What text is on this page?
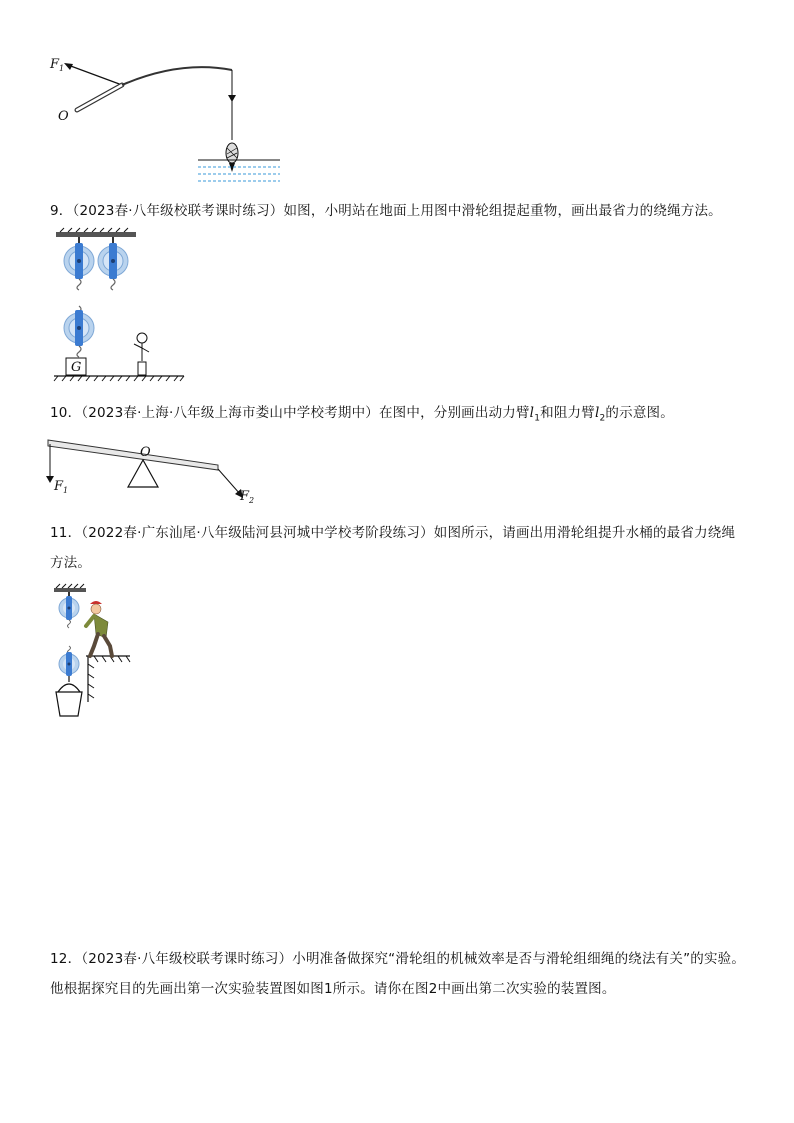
$F_1$
O

9．（2023春·八年级校联考课时练习）如图，小明站在地面上用图中滑轮组提起重物，画出最省力的绕绳方法。

G

10．（2023春·上海·八年级上海市娄山中学校考期中）在图中，分别画出动力臂$l_1$和阻力臂$l_2$的示意图。

O
$F_1$	$F_2$

11．（2022春·广东汕尾·八年级陆河县河城中学校考阶段练习）如图所示，请画出用滑轮组提升水桶的最省力绕绳

方法。

12．（2023春·八年级校联考课时练习）小明准备做探究“滑轮组的机械效率是否与滑轮组细绳的绕法有关”的实验。

他根据探究目的先画出第一次实验装置图如图1所示。请你在图2中画出第二次实验的装置图。
